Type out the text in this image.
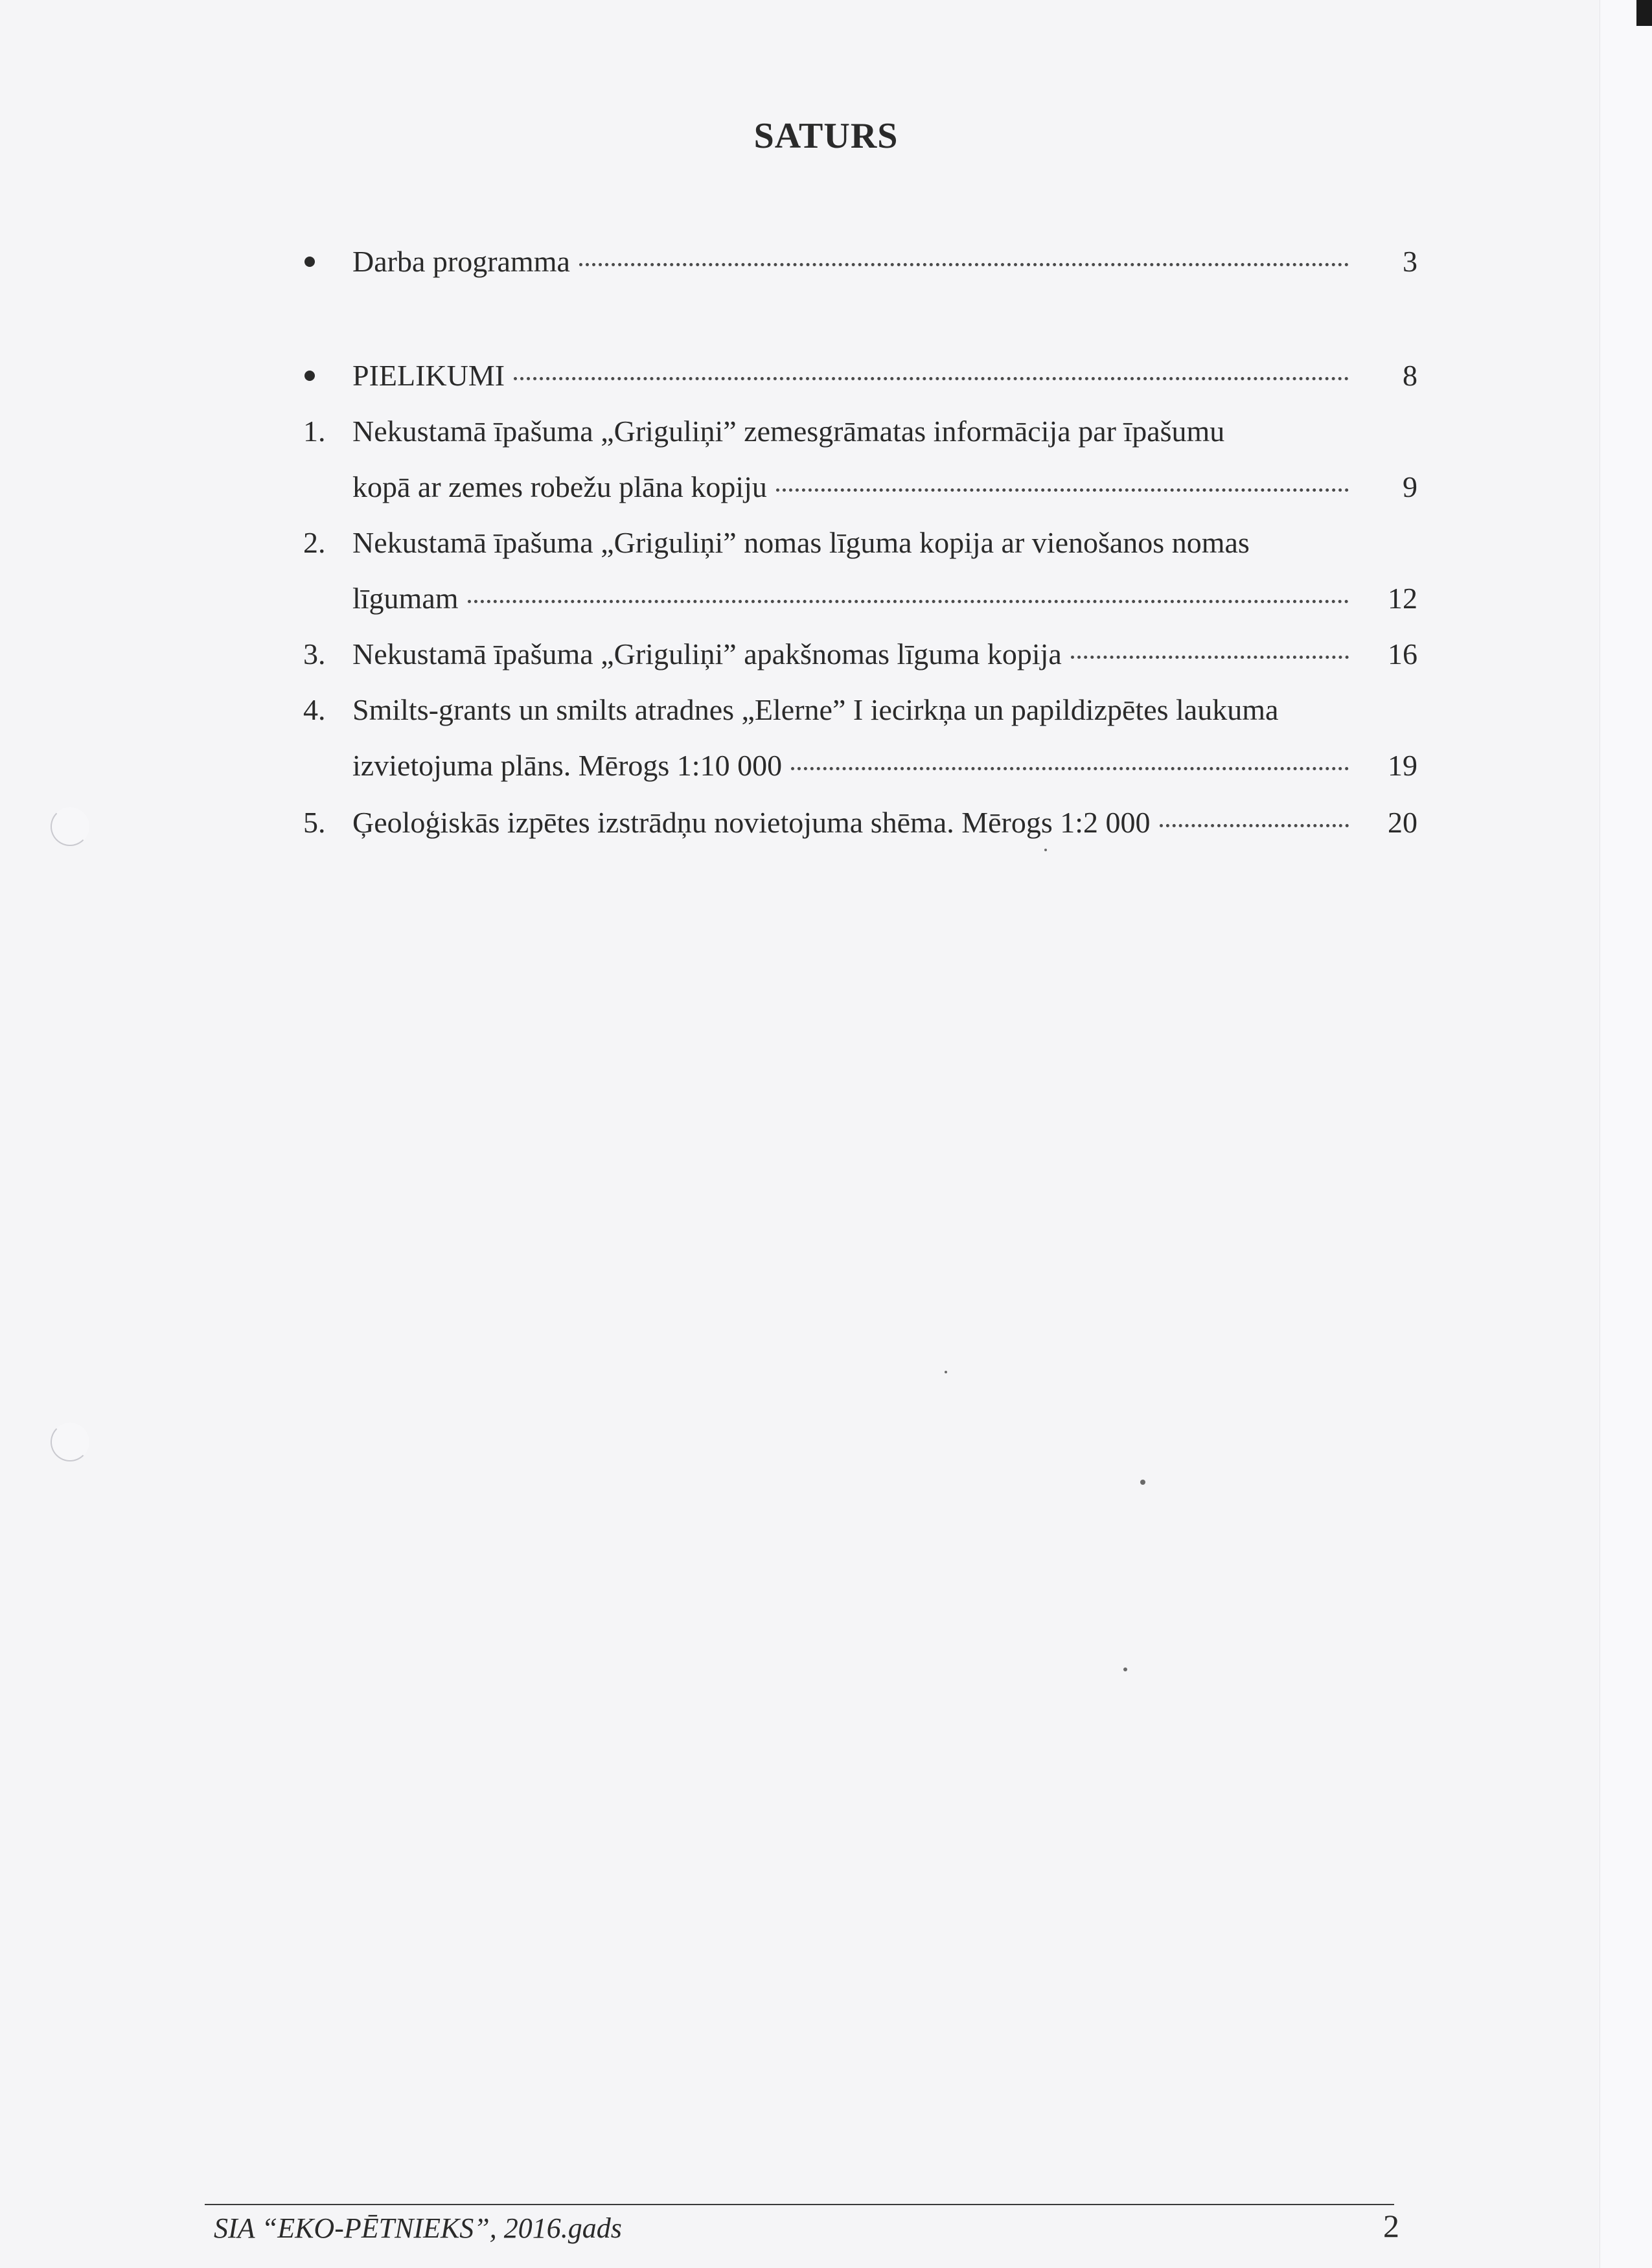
SATURS
Darba programma	3
PIELIKUMI	8
1. Nekustamā īpašuma „Griguliņi” zemesgrāmatas informācija par īpašumu
kopā ar zemes robežu plāna kopiju	9
2. Nekustamā īpašuma „Griguliņi” nomas līguma kopija ar vienošanos nomas
līgumam	12
3. Nekustamā īpašuma „Griguliņi” apakšnomas līguma kopija	16
4. Smilts-grants un smilts atradnes „Elerne” I iecirkņa un papildizpētes laukuma
izvietojuma plāns. Mērogs 1:10 000	19
5. Ģeoloģiskās izpētes izstrādņu novietojuma shēma. Mērogs 1:2 000	20
SIA “EKO-PĒTNIEKS”, 2016.gads	2
